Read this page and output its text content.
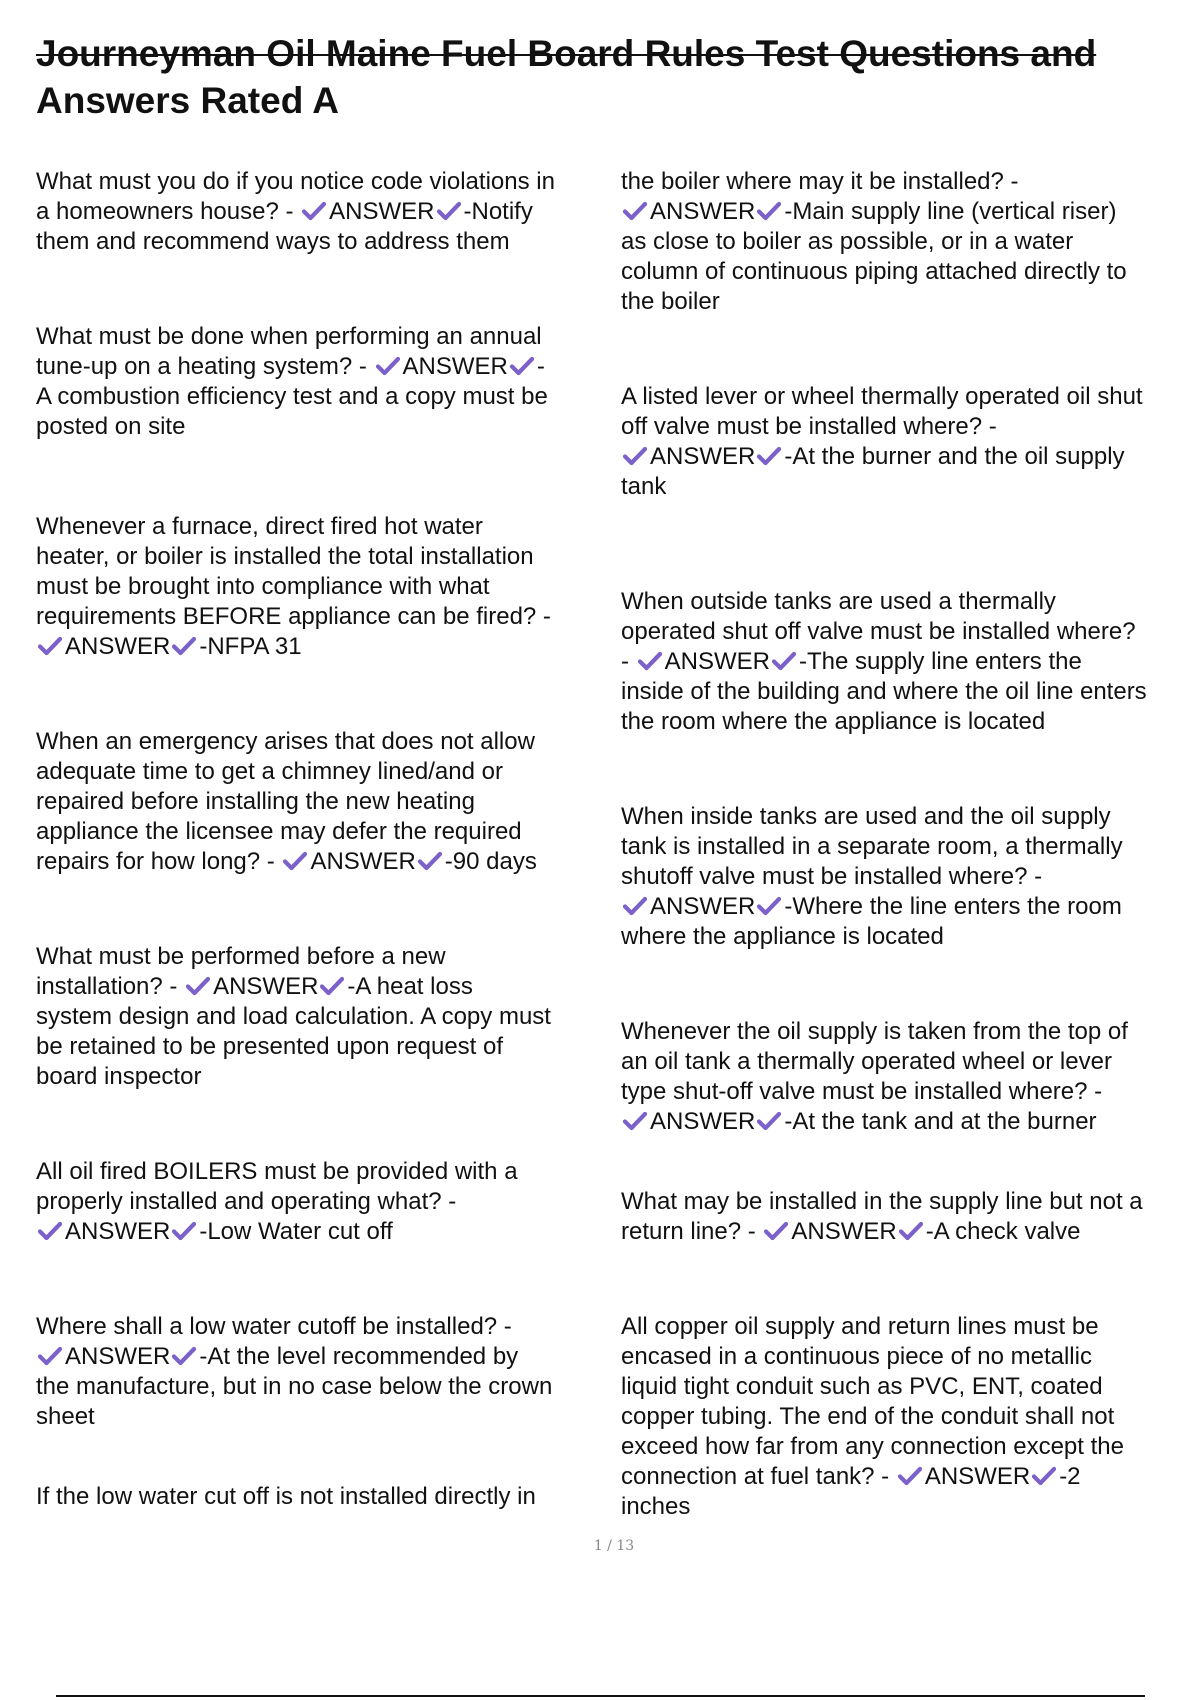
Journeyman Oil Maine Fuel Board Rules Test Questions and
Answers Rated A
What must you do if you notice code violations in
a homeowners house? -
ANSWER -Notify
them and recommend ways to address them
What must be done when performing an annual
tune-up on a heating system? -
ANSWER -
A combustion efficiency test and a copy must be
posted on site
Whenever a furnace, direct fired hot water
heater, or boiler is installed the total installation
must be brought into compliance with what
requirements BEFORE appliance can be fired? -
ANSWER -NFPA 31
When an emergency arises that does not allow
adequate time to get a chimney lined/and or
repaired before installing the new heating
appliance the licensee may defer the required
repairs for how long? -
ANSWER -90 days
What must be performed before a new
installation? -
ANSWER -A heat loss
system design and load calculation. A copy must
be retained to be presented upon request of
board inspector
All oil fired BOILERS must be provided with a
properly installed and operating what? -
ANSWER -Low Water cut off
Where shall a low water cutoff be installed? -
ANSWER -At the level recommended by
the manufacture, but in no case below the crown
sheet
If the low water cut off is not installed directly in
the boiler where may it be installed? -
ANSWER -Main supply line (vertical riser)
as close to boiler as possible, or in a water
column of continuous piping attached directly to
the boiler
A listed lever or wheel thermally operated oil shut
off valve must be installed where? -
ANSWER -At the burner and the oil supply
tank
When outside tanks are used a thermally
operated shut off valve must be installed where?
-
ANSWER -The supply line enters the
inside of the building and where the oil line enters
the room where the appliance is located
When inside tanks are used and the oil supply
tank is installed in a separate room, a thermally
shutoff valve must be installed where? -
ANSWER -Where the line enters the room
where the appliance is located
Whenever the oil supply is taken from the top of
an oil tank a thermally operated wheel or lever
type shut-off valve must be installed where? -
ANSWER -At the tank and at the burner
What may be installed in the supply line but not a
return line? -
ANSWER -A check valve
All copper oil supply and return lines must be
encased in a continuous piece of no metallic
liquid tight conduit such as PVC, ENT, coated
copper tubing. The end of the conduit shall not
exceed how far from any connection except the
connection at fuel tank? -
ANSWER -2
inches
1 / 13
